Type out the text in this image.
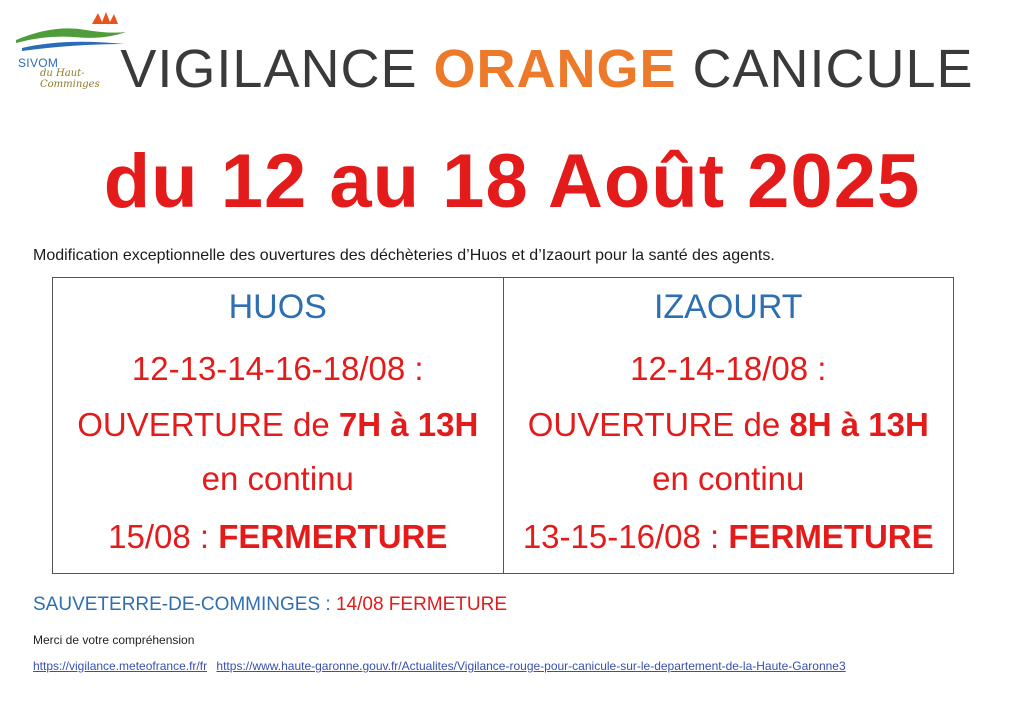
SIVOM
du Haut-Comminges VIGILANCE ORANGE CANICULE
du 12 au 18 Août 2025
Modification exceptionnelle des ouvertures des déchèteries d’Huos et d’Izaourt pour la santé des agents.
HUOS
12-13-14-16-18/08 :
OUVERTURE de 7H à 13H
en continu
15/08 : FERMERTURE
IZAOURT
12-14-18/08 :
OUVERTURE de 8H à 13H
en continu
13-15-16/08 : FERMETURE
SAUVETERRE-DE-COMMINGES : 14/08 FERMETURE
Merci de votre compréhension
https://vigilance.meteofrance.fr/fr https://www.haute-garonne.gouv.fr/Actualites/Vigilance-rouge-pour-canicule-sur-le-departement-de-la-Haute-Garonne3
